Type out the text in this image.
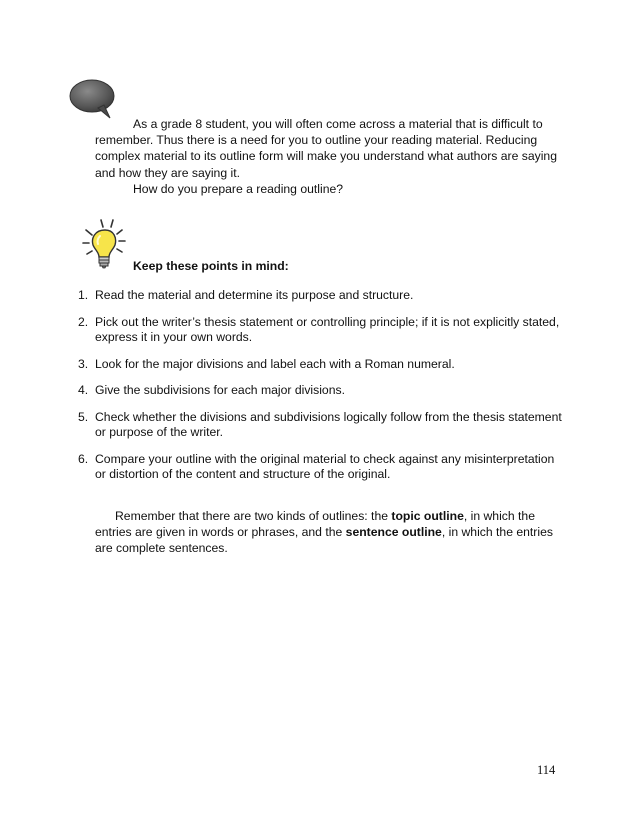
As a grade 8 student, you will often come across a material that is difficult to remember. Thus there is a need for you to outline your reading material. Reducing complex material to its outline form will make you understand what authors are saying and how they are saying it.

How do you prepare a reading outline?

Keep these points in mind:
1. Read the material and determine its purpose and structure.
2. Pick out the writer’s thesis statement or controlling principle; if it is not explicitly stated, express it in your own words.
3. Look for the major divisions and label each with a Roman numeral.
4. Give the subdivisions for each major divisions.
5. Check whether the divisions and subdivisions logically follow from the thesis statement or purpose of the writer.
6. Compare your outline with the original material to check against any misinterpretation or distortion of the content and structure of the original.

Remember that there are two kinds of outlines: the topic outline, in which the entries are given in words or phrases, and the sentence outline, in which the entries are complete sentences.

114
